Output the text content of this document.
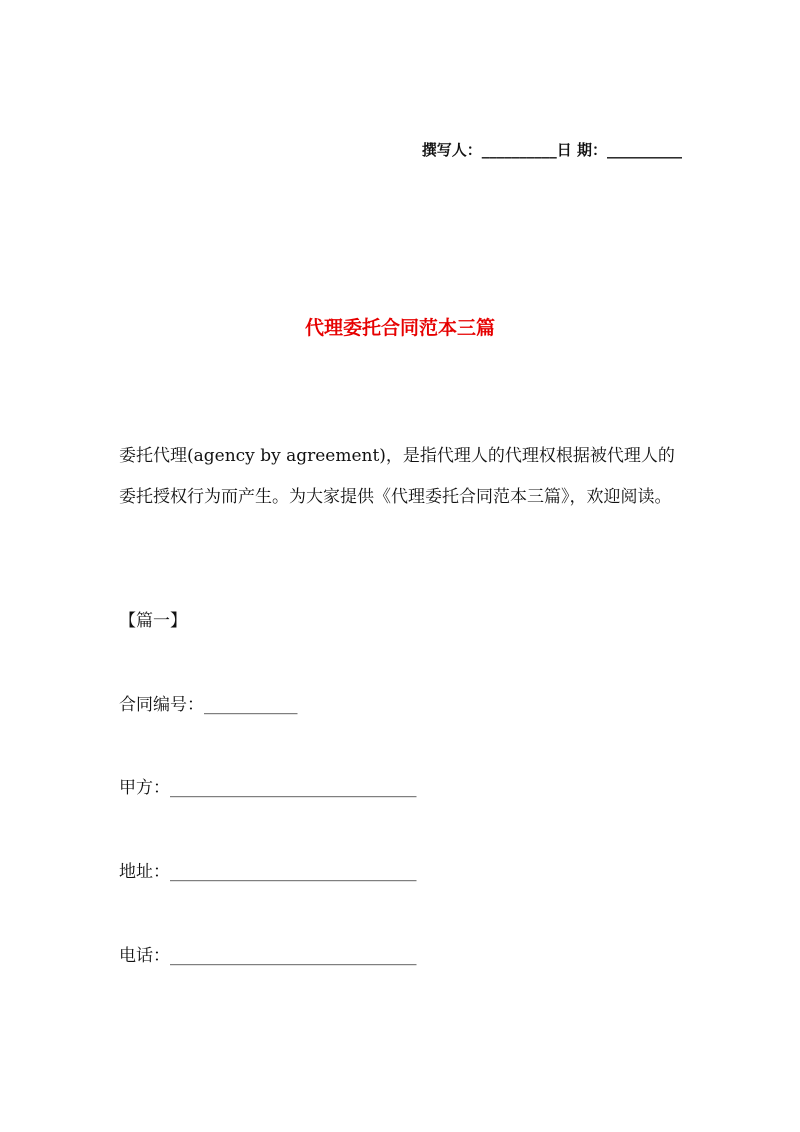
撰写人：__________日 期：__________
代理委托合同范本三篇

委托代理(agency by agreement)，是指代理人的代理权根据被代理人的委托授权行为而产生。为大家提供《代理委托合同范本三篇》，欢迎阅读。

【篇一】
合同编号：___________
甲方：_____________________________
地址：_____________________________
电话：_____________________________
